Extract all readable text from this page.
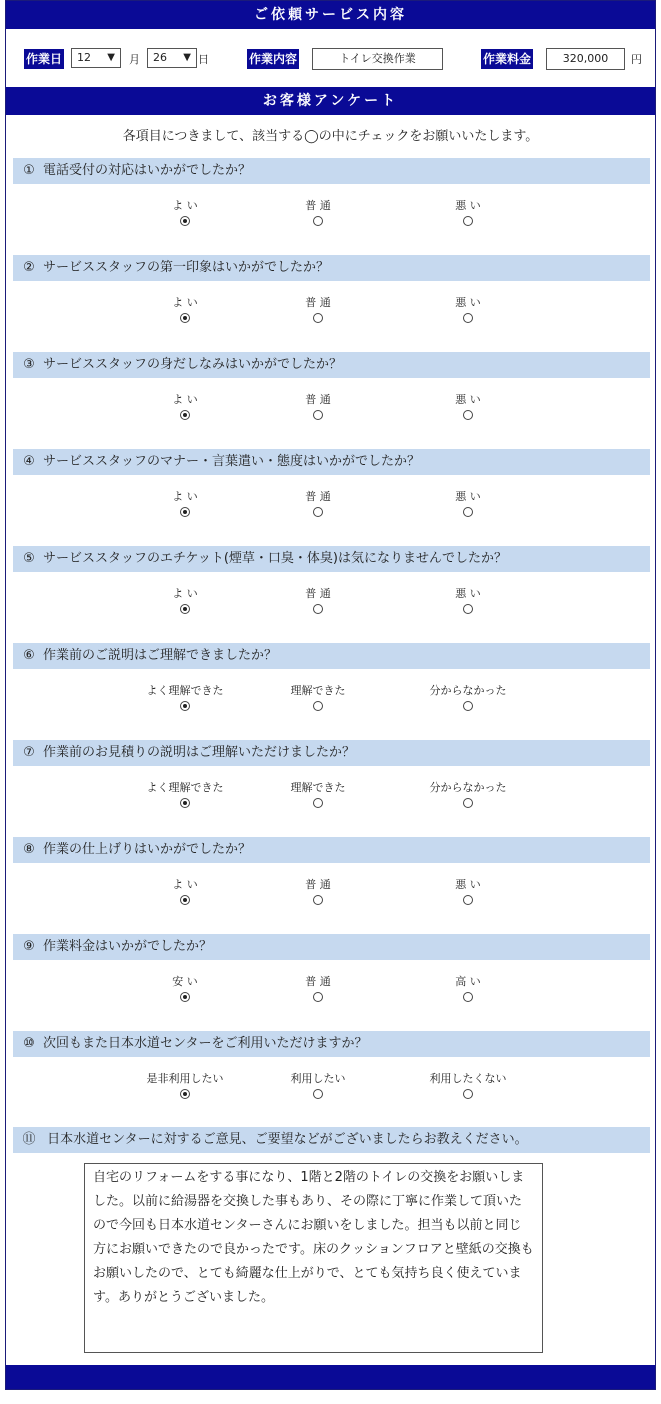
ご依頼サービス内容
作業日	12 ▼ 月	26 ▼ 日	作業内容	トイレ交換作業	作業料金	320,000	円
お客様アンケート
各項目につきまして、該当する◯の中にチェックをお願いいたします。
① 電話受付の対応はいかがでしたか？
よ い	普 通	悪 い
② サービススタッフの第一印象はいかがでしたか？
よ い	普 通	悪 い
③ サービススタッフの身だしなみはいかがでしたか？
よ い	普 通	悪 い
④ サービススタッフのマナー・言葉遣い・態度はいかがでしたか？
よ い	普 通	悪 い
⑤ サービススタッフのエチケット(煙草・口臭・体臭)は気になりませんでしたか？
よ い	普 通	悪 い
⑥ 作業前のご説明はご理解できましたか？
よく理解できた	理解できた	分からなかった
⑦ 作業前のお見積りの説明はご理解いただけましたか？
よく理解できた	理解できた	分からなかった
⑧ 作業の仕上げりはいかがでしたか？
よ い	普 通	悪 い
⑨ 作業料金はいかがでしたか？
安 い	普 通	高 い
⑩ 次回もまた日本水道センターをご利用いただけますか？
是非利用したい	利用したい	利用したくない
⑪ 日本水道センターに対するご意見、ご要望などがございましたらお教えください。
自宅のリフォームをする事になり、1階と2階のトイレの交換をお願いしました。以前に給湯器を交換した事もあり、その際に丁寧に作業して頂いたので今回も日本水道センターさんにお願いをしました。担当も以前と同じ方にお願いできたので良かったです。床のクッションフロアと壁紙の交換もお願いしたので、とても綺麗な仕上がりで、とても気持ち良く使えています。ありがとうございました。
